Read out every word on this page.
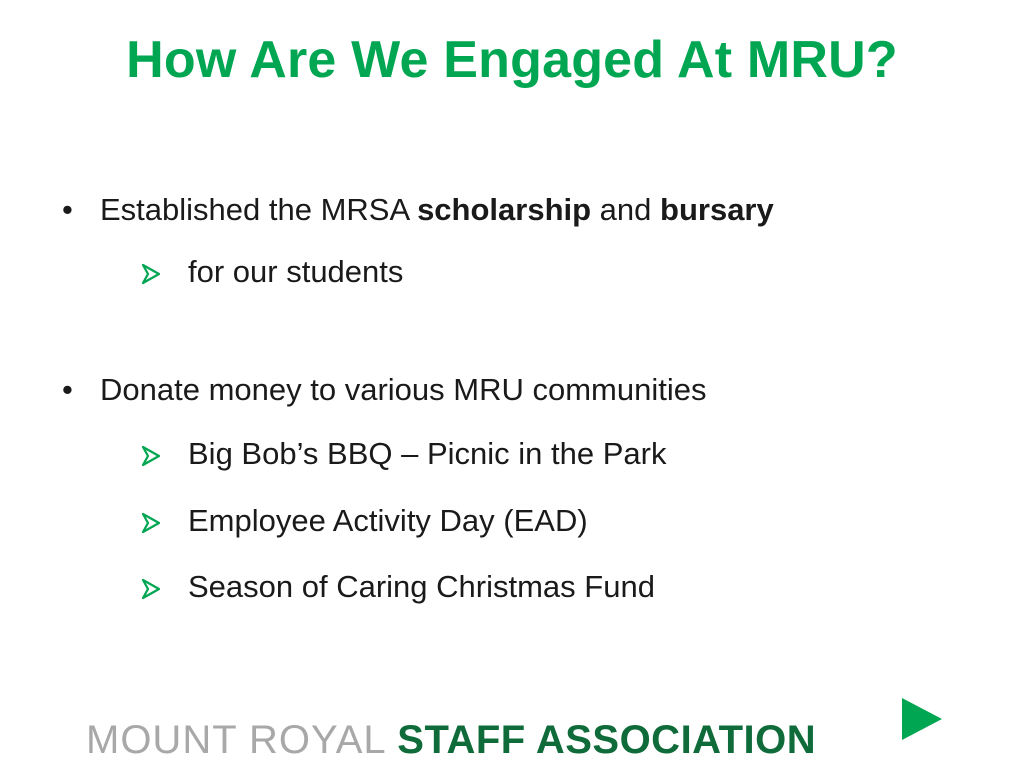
How Are We Engaged At MRU?
• Established the MRSA scholarship and bursary
for our students
• Donate money to various MRU communities
Big Bob’s BBQ – Picnic in the Park
Employee Activity Day (EAD)
Season of Caring Christmas Fund
MOUNT ROYAL STAFF ASSOCIATION
